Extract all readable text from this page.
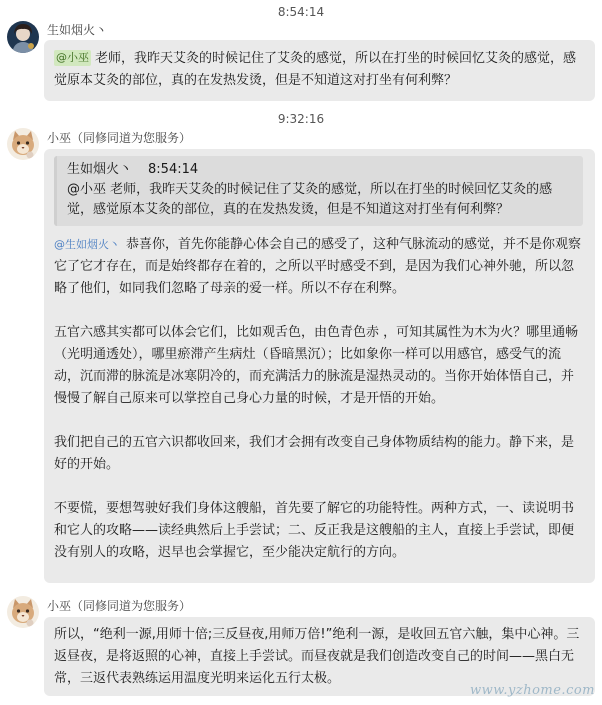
8:54:14
生如烟火丶
@小巫 老师，我昨天艾灸的时候记住了艾灸的感觉，所以在打坐的时候回忆艾灸的感觉，感觉原本艾灸的部位，真的在发热发烫，但是不知道这对打坐有何利弊？
9:32:16
小巫（同修同道为您服务）
生如烟火丶 8:54:14
@小巫 老师，我昨天艾灸的时候记住了艾灸的感觉，所以在打坐的时候回忆艾灸的感觉，感觉原本艾灸的部位，真的在发热发烫，但是不知道这对打坐有何利弊？
@生如烟火丶 恭喜你，首先你能静心体会自己的感受了，这种气脉流动的感觉，并不是你观察它了它才存在，而是始终都存在着的，之所以平时感受不到，是因为我们心神外驰，所以忽略了他们，如同我们忽略了母亲的爱一样。所以不存在利弊。
五官六感其实都可以体会它们，比如观舌色，由色青色赤 ，可知其属性为木为火？哪里通畅（光明通透处），哪里瘀滞产生病灶（昏暗黑沉）；比如象你一样可以用感官，感受气的流动，沉而滞的脉流是冰寒阴冷的，而充满活力的脉流是湿热灵动的。当你开始体悟自己，并慢慢了解自己原来可以掌控自己身心力量的时候，才是开悟的开始。
我们把自己的五官六识都收回来，我们才会拥有改变自己身体物质结构的能力。静下来，是好的开始。
不要慌，要想驾驶好我们身体这艘船，首先要了解它的功能特性。两种方式，一、读说明书和它人的攻略——读经典然后上手尝试；二、反正我是这艘船的主人，直接上手尝试，即便没有别人的攻略，迟早也会掌握它，至少能决定航行的方向。
小巫（同修同道为您服务）
所以，“绝利一源,用师十倍;三反昼夜,用师万倍!”绝利一源，是收回五官六触，集中心神。三返昼夜，是将返照的心神，直接上手尝试。而昼夜就是我们创造改变自己的时间——黑白无常，三返代表熟练运用温度光明来运化五行太极。
www.yzhome.com
